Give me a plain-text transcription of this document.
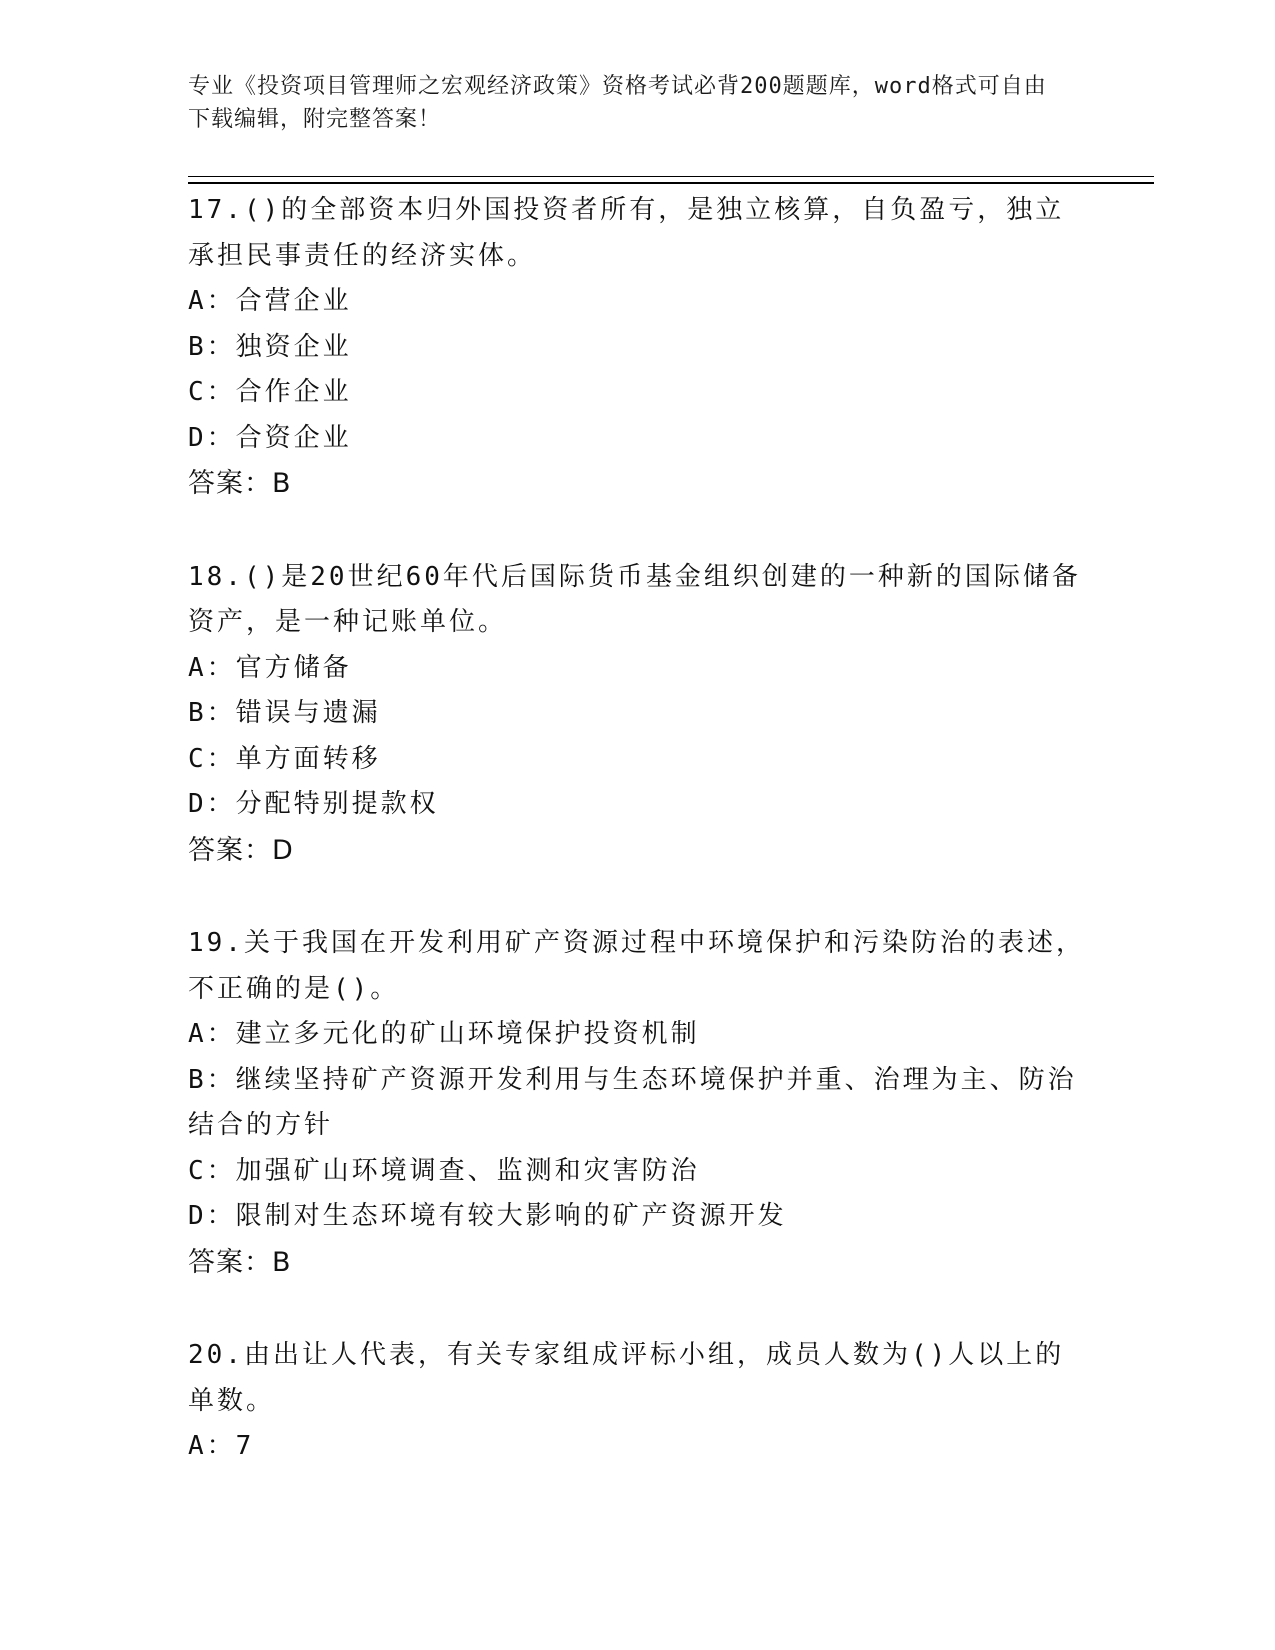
专业《投资项目管理师之宏观经济政策》资格考试必背200题题库，word格式可自由下载编辑，附完整答案！

17.()的全部资本归外国投资者所有，是独立核算，自负盈亏，独立承担民事责任的经济实体。

A：合营企业

B：独资企业

C：合作企业

D：合资企业

答案：B

18.()是20世纪60年代后国际货币基金组织创建的一种新的国际储备资产，是一种记账单位。

A：官方储备

B：错误与遗漏

C：单方面转移

D：分配特别提款权

答案：D

19.关于我国在开发利用矿产资源过程中环境保护和污染防治的表述，不正确的是()。

A：建立多元化的矿山环境保护投资机制

B：继续坚持矿产资源开发利用与生态环境保护并重、治理为主、防治结合的方针

C：加强矿山环境调查、监测和灾害防治

D：限制对生态环境有较大影响的矿产资源开发

答案：B

20.由出让人代表，有关专家组成评标小组，成员人数为()人以上的单数。

A：7
